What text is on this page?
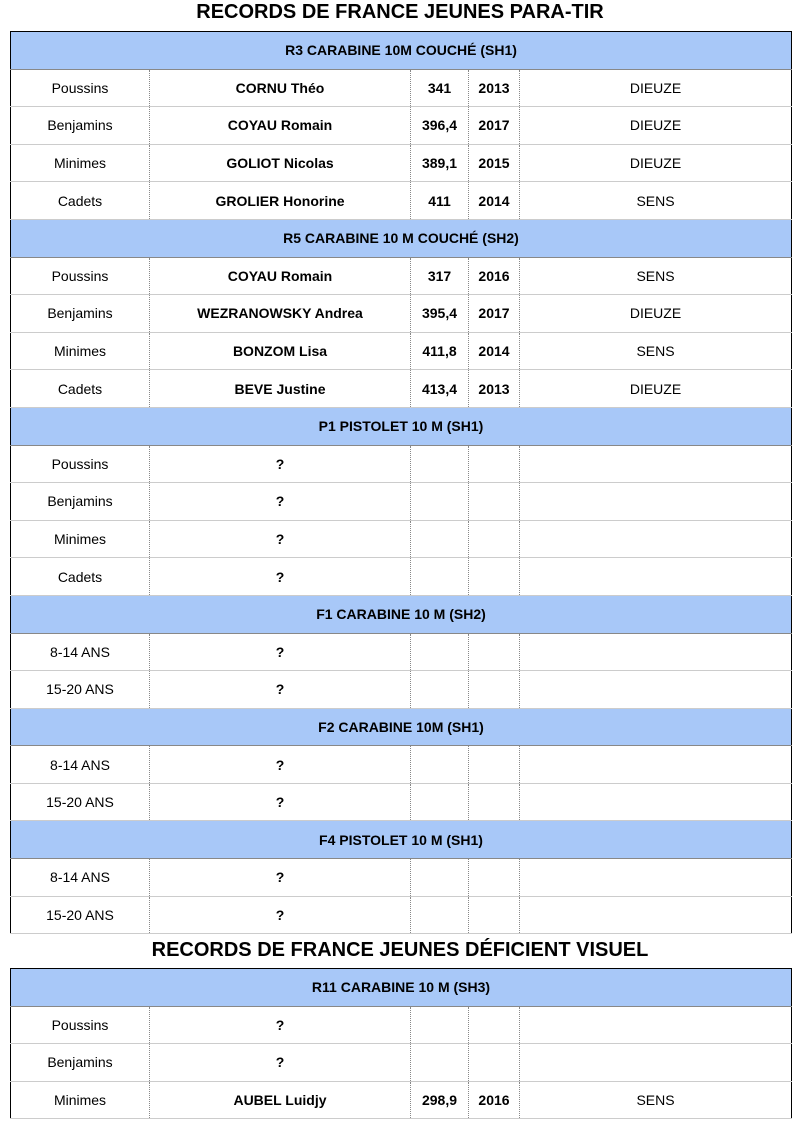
RECORDS DE FRANCE JEUNES PARA-TIR
R3 CARABINE 10M COUCHÉ (SH1)				
Poussins	CORNU Théo	341	2013	DIEUZE
Benjamins	COYAU Romain	396,4	2017	DIEUZE
Minimes	GOLIOT Nicolas	389,1	2015	DIEUZE
Cadets	GROLIER Honorine	411	2014	SENS
R5 CARABINE 10 M COUCHÉ (SH2)				
Poussins	COYAU Romain	317	2016	SENS
Benjamins	WEZRANOWSKY Andrea	395,4	2017	DIEUZE
Minimes	BONZOM Lisa	411,8	2014	SENS
Cadets	BEVE Justine	413,4	2013	DIEUZE
P1 PISTOLET 10 M (SH1)				
Poussins	?			
Benjamins	?			
Minimes	?			
Cadets	?			
F1 CARABINE 10 M (SH2)				
8-14 ANS	?			
15-20 ANS	?			
F2 CARABINE 10M (SH1)				
8-14 ANS	?			
15-20 ANS	?			
F4 PISTOLET 10 M (SH1)				
8-14 ANS	?			
15-20 ANS	?			
RECORDS DE FRANCE JEUNES DÉFICIENT VISUEL
R11 CARABINE 10 M (SH3)				
Poussins	?			
Benjamins	?			
Minimes	AUBEL Luidjy	298,9	2016	SENS
